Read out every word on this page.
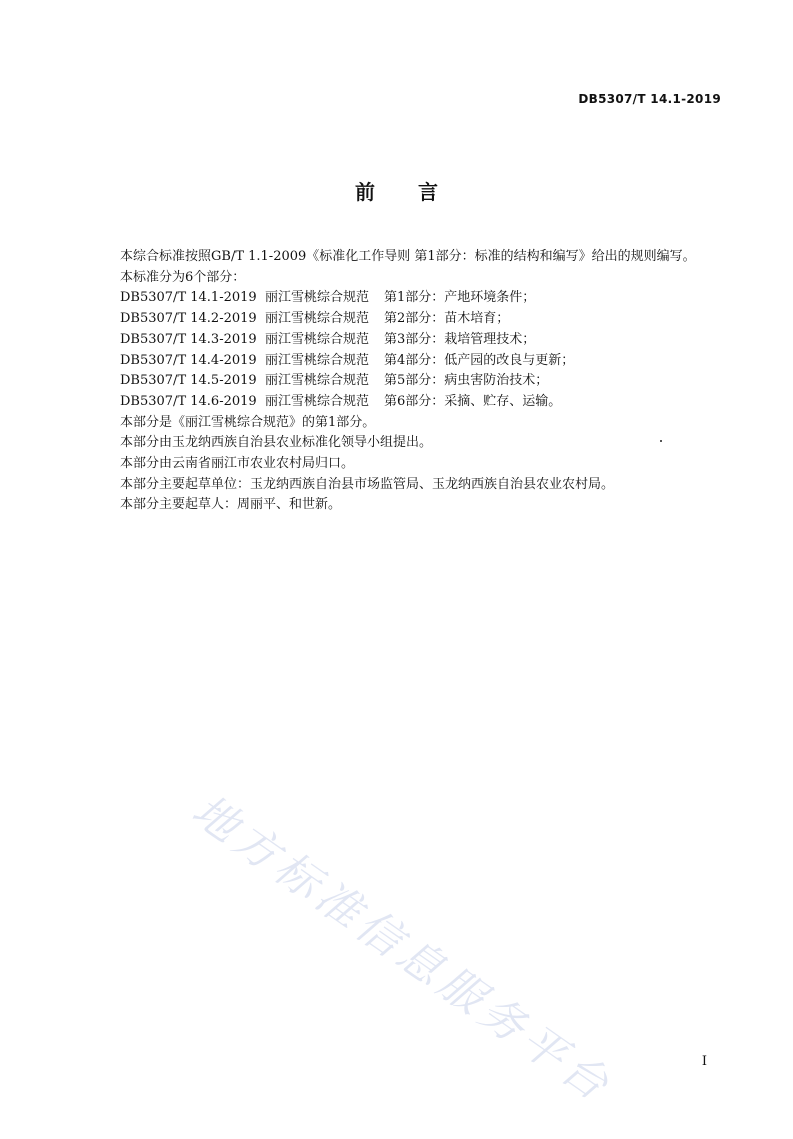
DB5307/T 14.1-2019
前 言
本综合标准按照GB/T 1.1-2009《标准化工作导则 第1部分：标准的结构和编写》给出的规则编写。
本标准分为6个部分：
DB5307/T 14.1-2019 丽江雪桃综合规范	第1部分：产地环境条件；
DB5307/T 14.2-2019 丽江雪桃综合规范	第2部分：苗木培育；
DB5307/T 14.3-2019 丽江雪桃综合规范	第3部分：栽培管理技术；
DB5307/T 14.4-2019 丽江雪桃综合规范	第4部分：低产园的改良与更新；
DB5307/T 14.5-2019 丽江雪桃综合规范	第5部分：病虫害防治技术；
DB5307/T 14.6-2019 丽江雪桃综合规范	第6部分：采摘、贮存、运输。
本部分是《丽江雪桃综合规范》的第1部分。
本部分由玉龙纳西族自治县农业标准化领导小组提出。
本部分由云南省丽江市农业农村局归口。
本部分主要起草单位：玉龙纳西族自治县市场监管局、玉龙纳西族自治县农业农村局。
本部分主要起草人：周丽平、和世新。
地方标准信息服务平台	I
